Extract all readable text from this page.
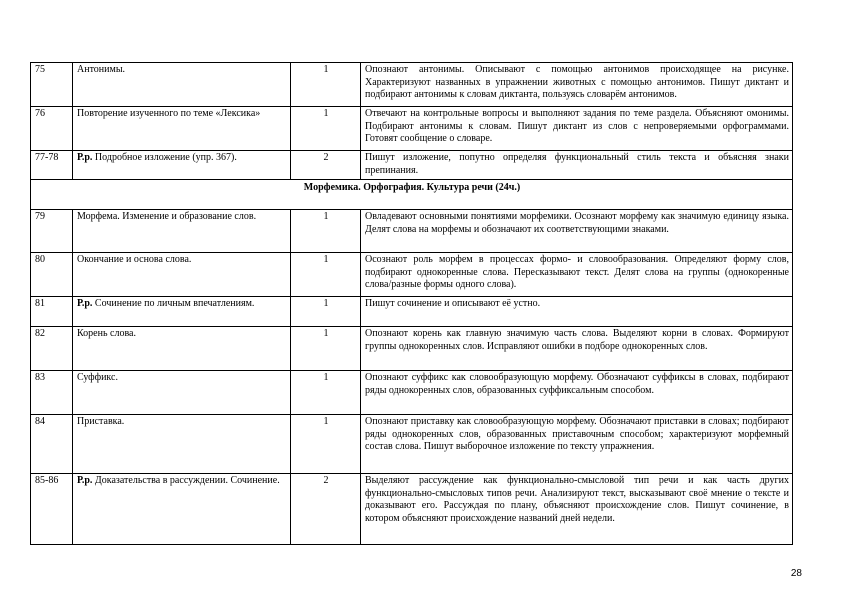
75	Антонимы.	1	Опознают антонимы. Описывают с помощью антонимов происходящее на рисунке. Характеризуют названных в упражнении животных с помощью антонимов. Пишут диктант и подбирают антонимы к словам диктанта, пользуясь словарём антонимов.
76	Повторение изученного по теме «Лексика»	1	Отвечают на контрольные вопросы и выполняют задания по теме раздела. Объясняют омонимы. Подбирают антонимы к словам. Пишут диктант из слов с непроверяемыми орфограммами. Готовят сообщение о словаре.
77-78	Р.р. Подробное изложение (упр. 367).	2	Пишут изложение, попутно определяя функциональный стиль текста и объясняя знаки препинания.
Морфемика. Орфография. Культура речи (24ч.)			
79	Морфема. Изменение и образование слов.	1	Овладевают основными понятиями морфемики. Осознают морфему как значимую единицу языка. Делят слова на морфемы и обозначают их соответствующими знаками.
80	Окончание и основа слова.	1	Осознают роль морфем в процессах формо- и словообразования. Определяют форму слов, подбирают однокоренные слова. Пересказывают текст. Делят слова на группы (однокоренные слова/разные формы одного слова).
81	Р.р. Сочинение по личным впечатлениям.	1	Пишут сочинение и описывают её устно.
82	Корень слова.	1	Опознают корень как главную значимую часть слова. Выделяют корни в словах. Формируют группы однокоренных слов. Исправляют ошибки в подборе однокоренных слов.
83	Суффикс.	1	Опознают суффикс как словообразующую морфему. Обозначают суффиксы в словах, подбирают ряды однокоренных слов, образованных суффиксальным способом.
84	Приставка.	1	Опознают приставку как словообразующую морфему. Обозначают приставки в словах; подбирают ряды однокоренных слов, образованных приставочным способом; характеризуют морфемный состав слова. Пишут выборочное изложение по тексту упражнения.
85-86	Р.р. Доказательства в рассуждении. Сочинение.	2	Выделяют рассуждение как функционально-смысловой тип речи и как часть других функционально-смысловых типов речи. Анализируют текст, высказывают своё мнение о тексте и доказывают его. Рассуждая по плану, объясняют происхождение слов. Пишут сочинение, в котором объясняют происхождение названий дней недели.
28
